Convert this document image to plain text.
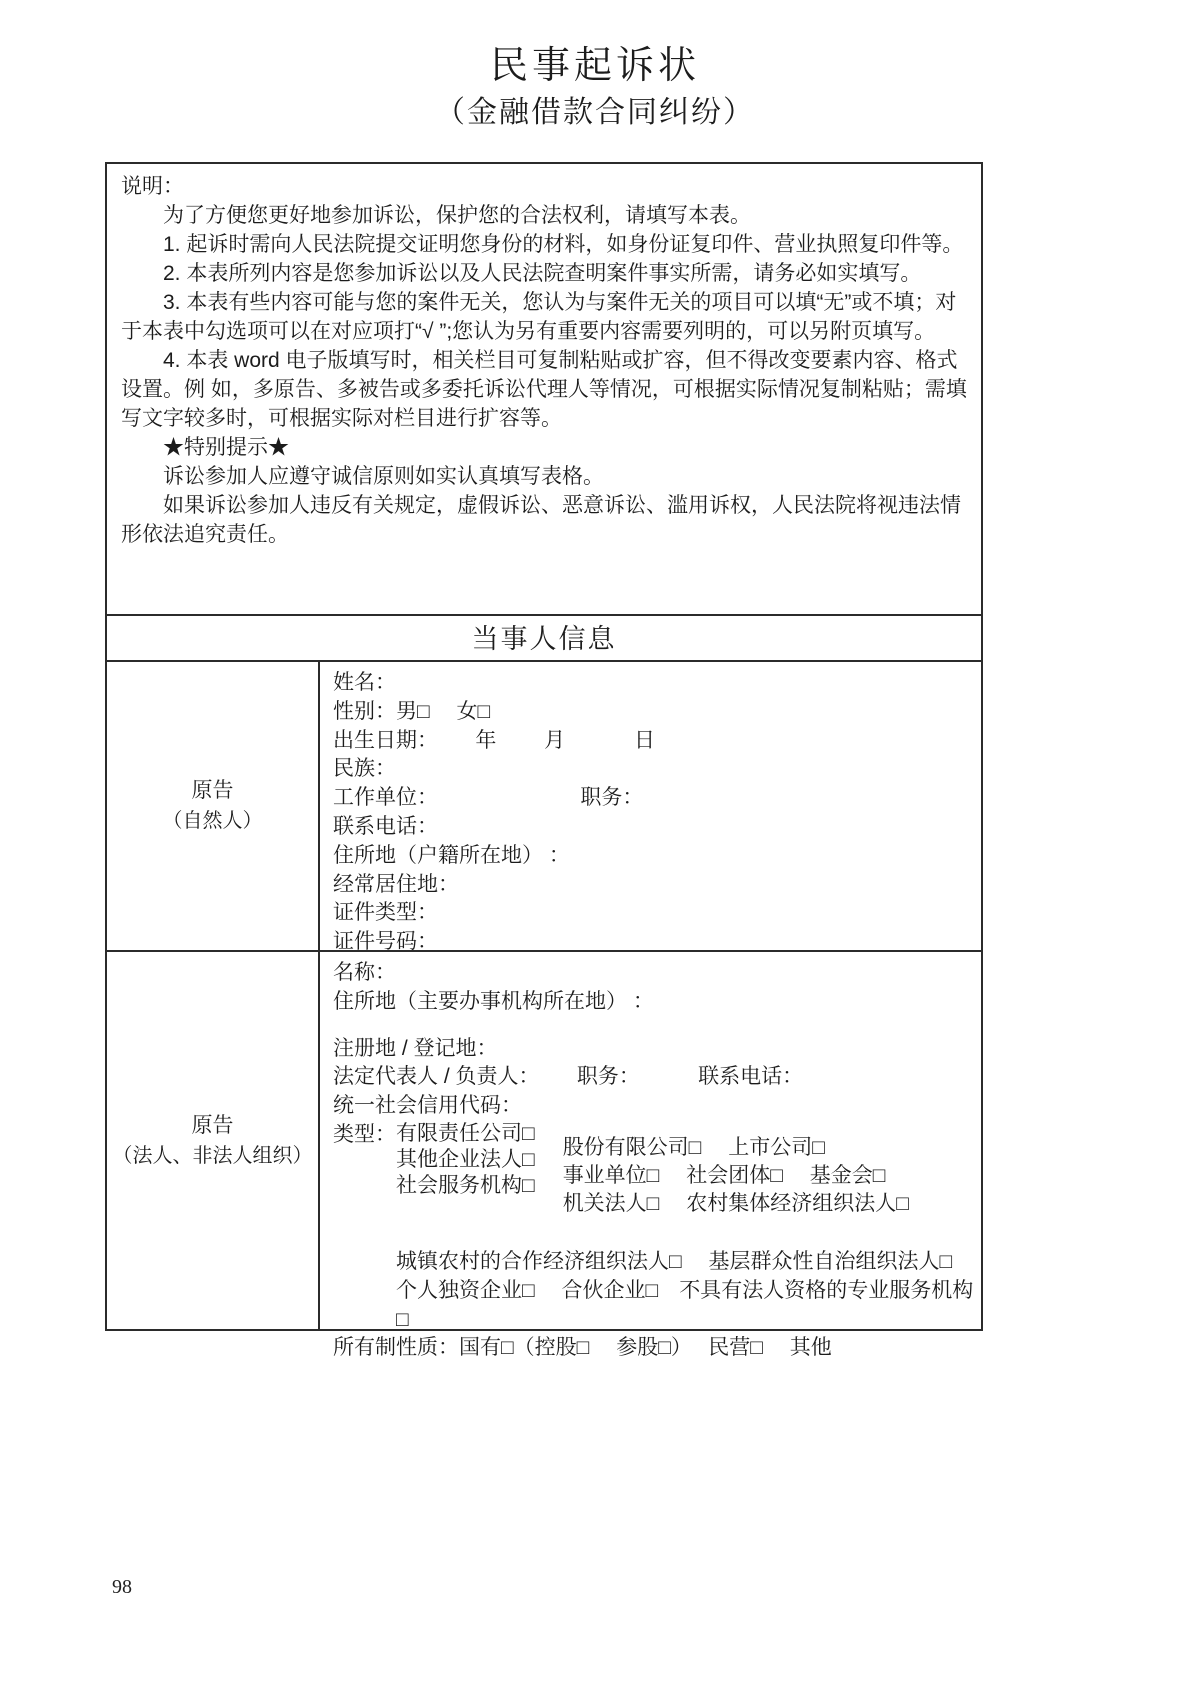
民事起诉状
（金融借款合同纠纷）

说明：

为了方便您更好地参加诉讼，保护您的合法权利，请填写本表。

1. 起诉时需向人民法院提交证明您身份的材料，如身份证复印件、营业执照复印件等。

2. 本表所列内容是您参加诉讼以及人民法院查明案件事实所需，请务必如实填写。

3. 本表有些内容可能与您的案件无关，您认为与案件无关的项目可以填“无”或不填；对于本表中勾选项可以在对应项打“√ ”;您认为另有重要内容需要列明的，可以另附页填写。

4. 本表 word 电子版填写时，相关栏目可复制粘贴或扩容，但不得改变要素内容、格式设置。例 如，多原告、多被告或多委托诉讼代理人等情况，可根据实际情况复制粘贴；需填写文字较多时，可根据实际对栏目进行扩容等。

★特别提示★

诉讼参加人应遵守诚信原则如实认真填写表格。

如果诉讼参加人违反有关规定，虚假诉讼、恶意诉讼、滥用诉权，人民法院将视违法情形依法追究责任。

当事人信息
原告
（自然人）
姓名：
性别：男□　 女□
出生日期：　　 年　　 月　　　 日
民族：
工作单位：　　　　　　　 职务：
联系电话：
住所地（户籍所在地） ：
经常居住地：
证件类型：
证件号码：
原告
（法人、非法人组织）
名称：
住所地（主要办事机构所在地） ：
注册地 / 登记地：
法定代表人 / 负责人：　　 职务：　　　 联系电话：
统一社会信用代码：
类型： 有限责任公司□
其他企业法人□
社会服务机构□
股份有限公司□　 上市公司□
事业单位□　 社会团体□　 基金会□
机关法人□　 农村集体经济组织法人□
城镇农村的合作经济组织法人□　 基层群众性自治组织法人□
个人独资企业□　 合伙企业□　不具有法人资格的专业服务机构□
所有制性质：国有□（控股□　 参股□）　 民营□　 其他
98
